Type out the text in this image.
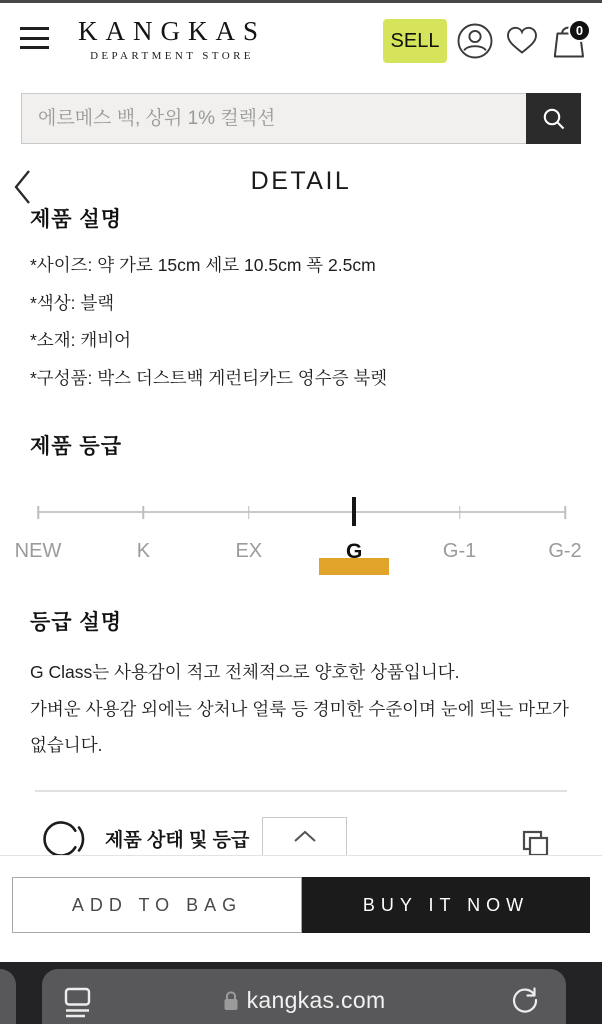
KANGKAS
DEPARTMENT STORE
SELL	0
에르메스 백, 상위 1% 컬렉션
DETAIL
제품 설명
*사이즈: 약 가로 15cm 세로 10.5cm 폭 2.5cm
*색상: 블랙
*소재: 캐비어
*구성품: 박스 더스트백 게런티카드 영수증 북렛
제품 등급
NEW	K	EX	G	G-1	G-2
등급 설명
G Class는 사용감이 적고 전체적으로 양호한 상품입니다.
가벼운 사용감 외에는 상처나 얼룩 등 경미한 수준이며 눈에 띄는 마모가
없습니다.
제품 상태 및 등급
ADD TO BAG	BUY IT NOW
kangkas.com
